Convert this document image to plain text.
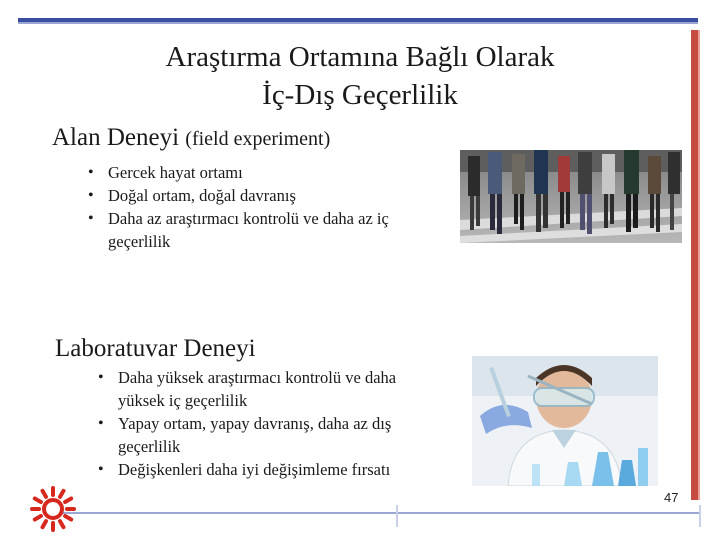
Araştırma Ortamına Bağlı Olarak
İç-Dış Geçerlilik
Alan Deneyi (field experiment)
• Gercek hayat ortamı
• Doğal ortam, doğal davranış
• Daha az araştırmacı kontrolü ve daha az iç geçerlilik
Laboratuvar Deneyi
• Daha yüksek araştırmacı kontrolü ve daha yüksek iç geçerlilik
• Yapay ortam, yapay davranış, daha az dış geçerlilik
• Değişkenleri daha iyi değişimleme fırsatı
47
